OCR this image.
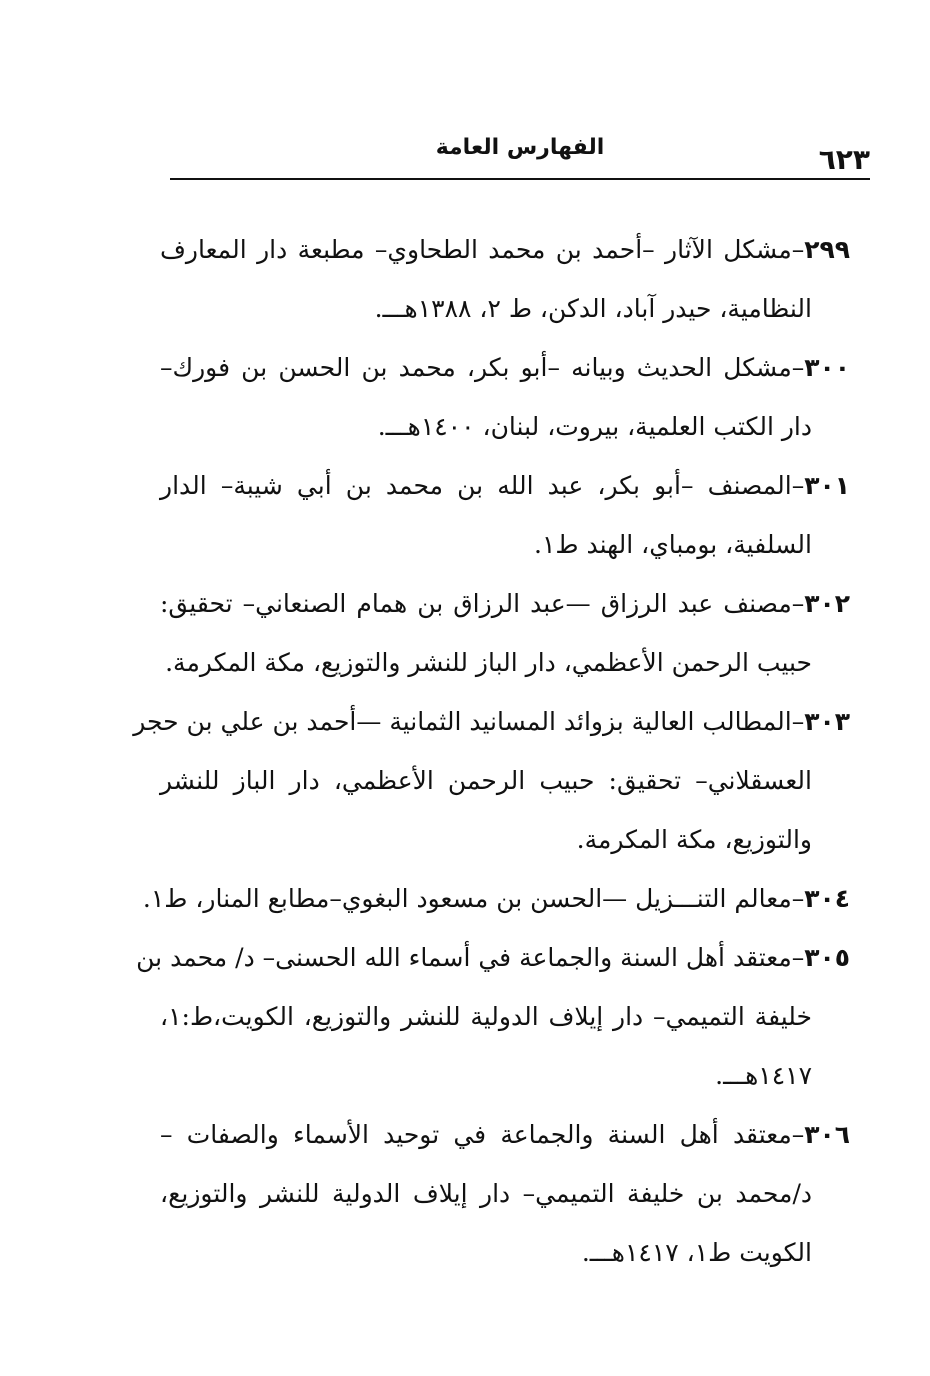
٦٢٣
الفهارس العامة

٢٩٩–مشكل الآثار –أحمد بن محمد الطحاوي– مطبعة دار المعارف
النظامية، حيدر آباد، الدكن، ط ٢، ١٣٨٨هـــ.

٣٠٠–مشكل الحديث وبيانه –أبو بكر، محمد بن الحسن بن فورك–
دار الكتب العلمية، بيروت، لبنان، ١٤٠٠هـــ.

٣٠١–المصنف –أبو بكر، عبد الله بن محمد بن أبي شيبة– الدار
السلفية، بومباي، الهند ط١.

٣٠٢–مصنف عبد الرزاق —عبد الرزاق بن همام الصنعاني– تحقيق:
حبيب الرحمن الأعظمي، دار الباز للنشر والتوزيع، مكة المكرمة.

٣٠٣–المطالب العالية بزوائد المسانيد الثمانية —أحمد بن علي بن حجر
العسقلاني– تحقيق: حبيب الرحمن الأعظمي، دار الباز للنشر
والتوزيع، مكة المكرمة.

٣٠٤–معالم التنـــزيل —الحسن بن مسعود البغوي–مطابع المنار، ط١.

٣٠٥–معتقد أهل السنة والجماعة في أسماء الله الحسنى– د/ محمد بن
خليفة التميمي– دار إيلاف الدولية للنشر والتوزيع، الكويت،ط:١،
١٤١٧هـــ.

٣٠٦–معتقد أهل السنة والجماعة في توحيد الأسماء والصفات –
د/محمد بن خليفة التميمي– دار إيلاف الدولية للنشر والتوزيع،
الكويت ط١، ١٤١٧هـــ.
